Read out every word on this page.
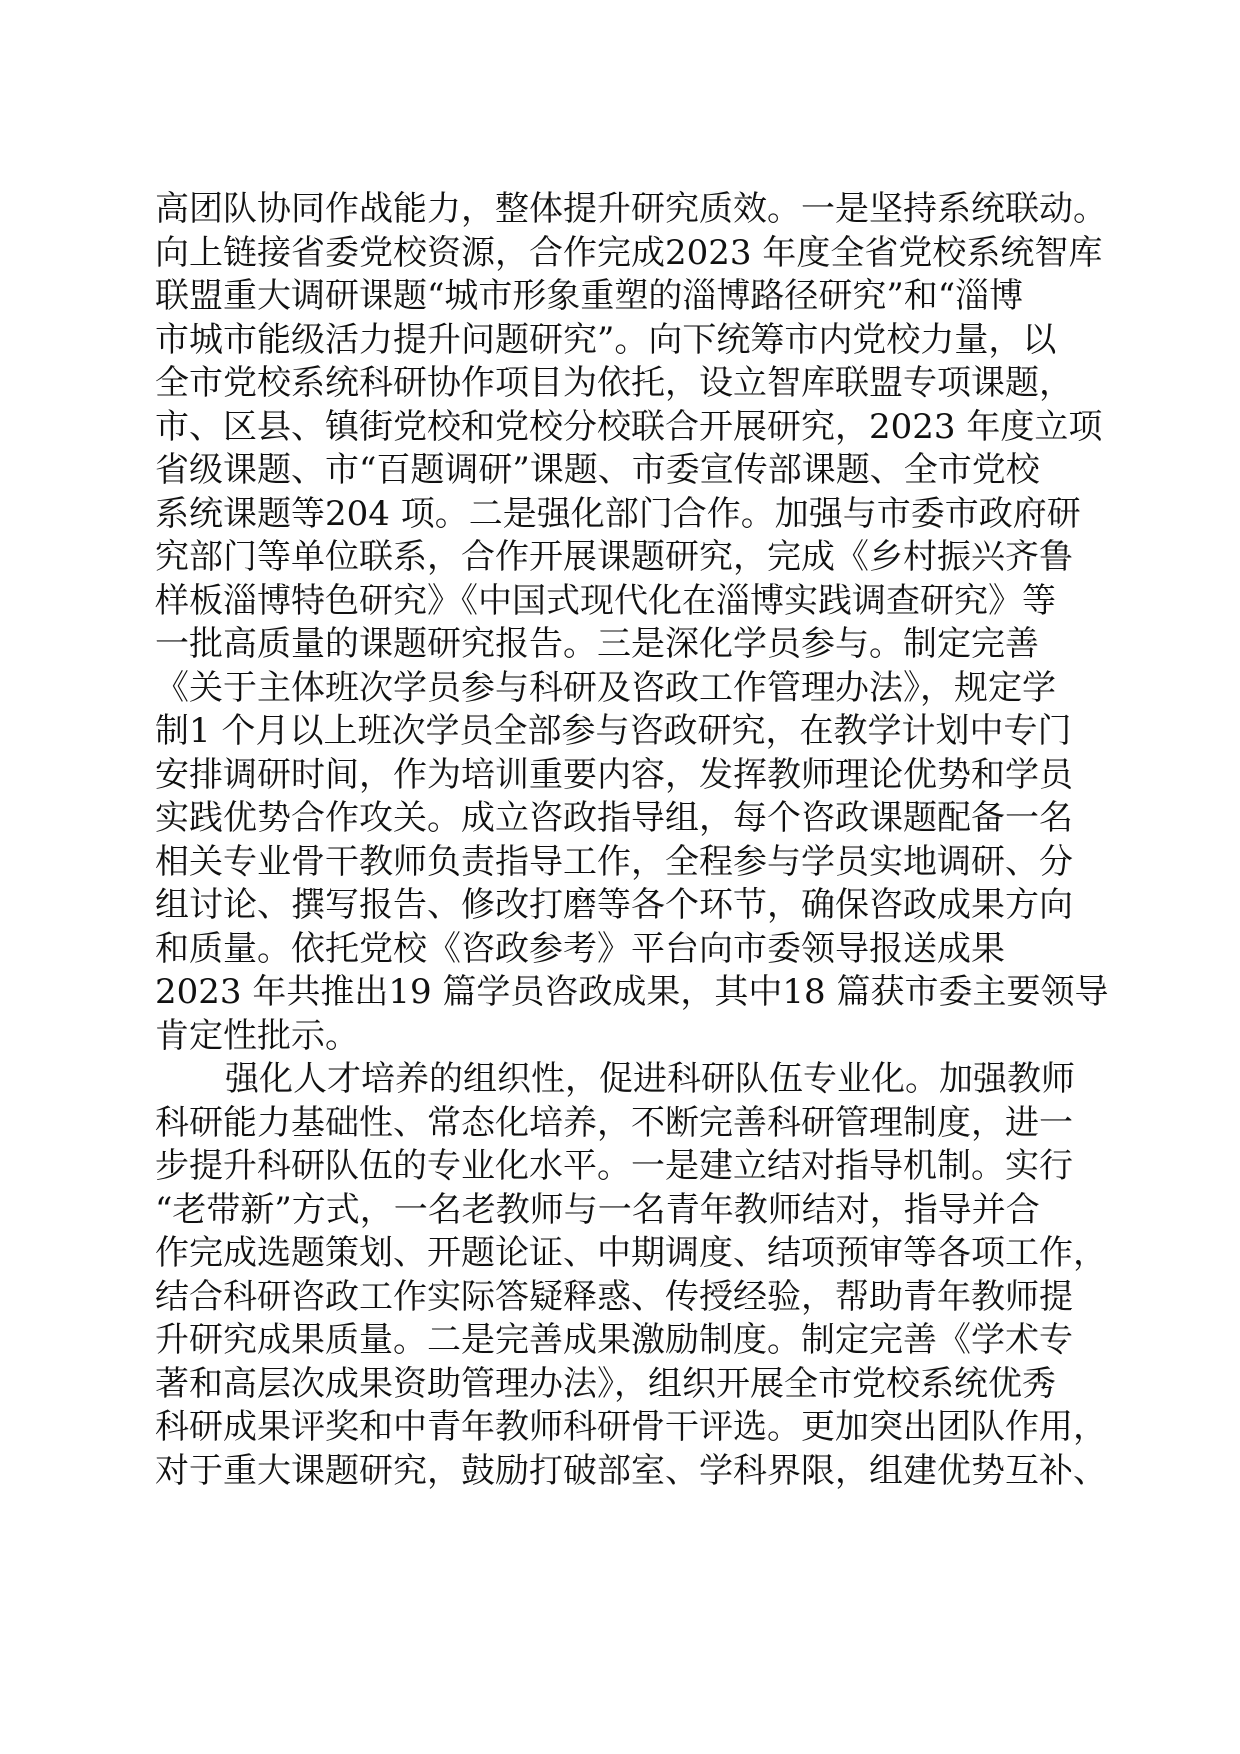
高团队协同作战能力，整体提升研究质效。一是坚持系统联动。
向上链接省委党校资源，合作完成2023 年度全省党校系统智库
联盟重大调研课题“城市形象重塑的淄博路径研究”和“淄博
市城市能级活力提升问题研究”。向下统筹市内党校力量，以
全市党校系统科研协作项目为依托，设立智库联盟专项课题，
市、区县、镇街党校和党校分校联合开展研究，2023 年度立项
省级课题、市“百题调研”课题、市委宣传部课题、全市党校
系统课题等204 项。二是强化部门合作。加强与市委市政府研
究部门等单位联系，合作开展课题研究，完成《乡村振兴齐鲁
样板淄博特色研究》《中国式现代化在淄博实践调查研究》等
一批高质量的课题研究报告。三是深化学员参与。制定完善
《关于主体班次学员参与科研及咨政工作管理办法》，规定学
制1 个月以上班次学员全部参与咨政研究，在教学计划中专门
安排调研时间，作为培训重要内容，发挥教师理论优势和学员
实践优势合作攻关。成立咨政指导组，每个咨政课题配备一名
相关专业骨干教师负责指导工作，全程参与学员实地调研、分
组讨论、撰写报告、修改打磨等各个环节，确保咨政成果方向
和质量。依托党校《咨政参考》平台向市委领导报送成果
2023 年共推出19 篇学员咨政成果，其中18 篇获市委主要领导
肯定性批示。
强化人才培养的组织性，促进科研队伍专业化。加强教师
科研能力基础性、常态化培养，不断完善科研管理制度，进一
步提升科研队伍的专业化水平。一是建立结对指导机制。实行
“老带新”方式，一名老教师与一名青年教师结对，指导并合
作完成选题策划、开题论证、中期调度、结项预审等各项工作，
结合科研咨政工作实际答疑释惑、传授经验，帮助青年教师提
升研究成果质量。二是完善成果激励制度。制定完善《学术专
著和高层次成果资助管理办法》，组织开展全市党校系统优秀
科研成果评奖和中青年教师科研骨干评选。更加突出团队作用，
对于重大课题研究，鼓励打破部室、学科界限，组建优势互补、
